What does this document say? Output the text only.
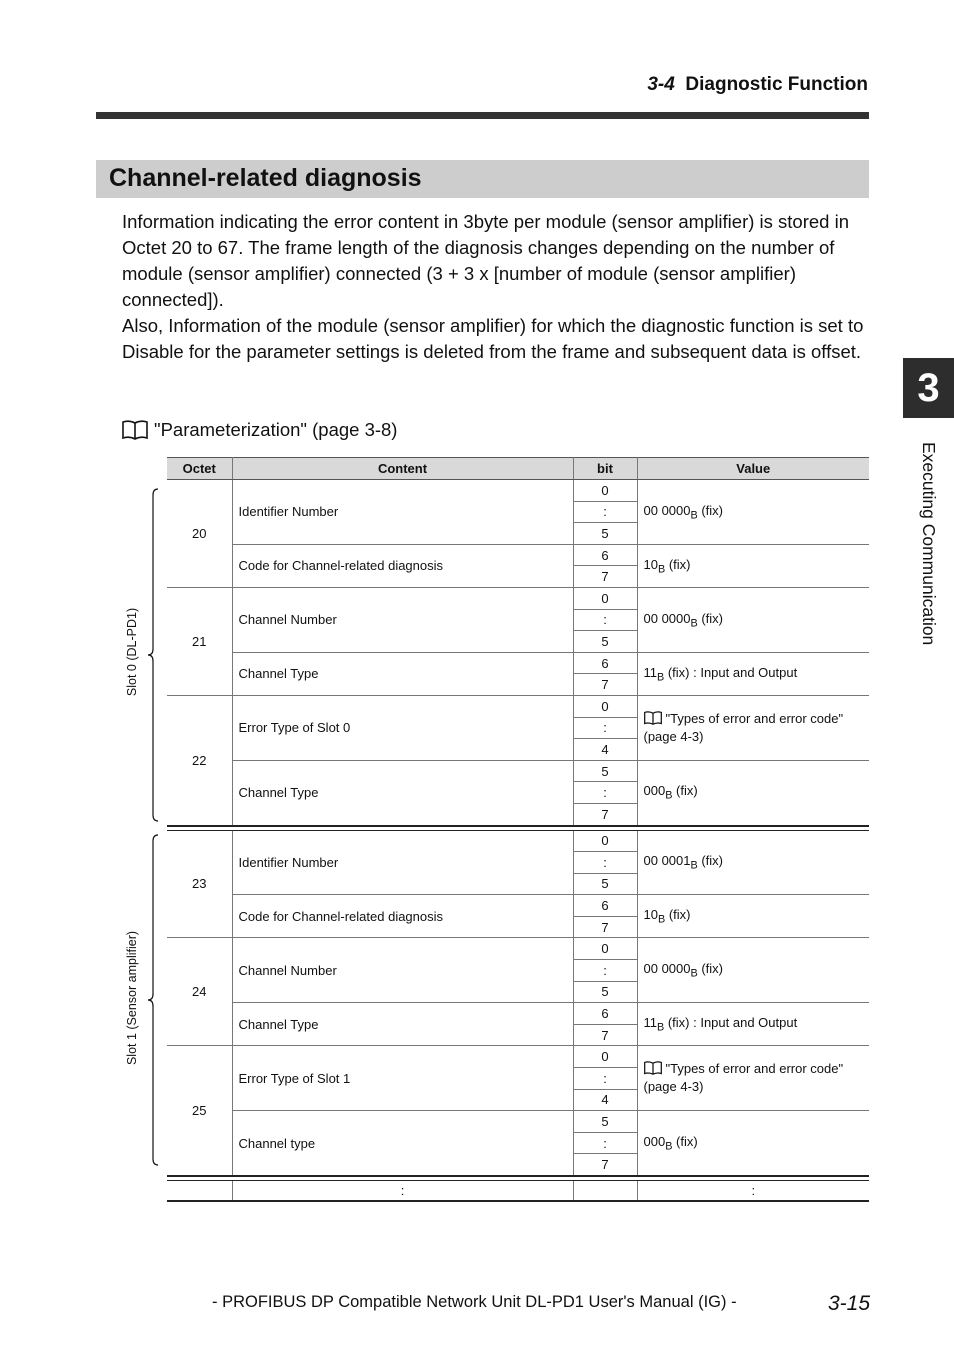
3-4 Diagnostic Function
Channel-related diagnosis

Information indicating the error content in 3byte per module (sensor amplifier) is stored in Octet 20 to 67. The frame length of the diagnosis changes depending on the number of module (sensor amplifier) connected (3 + 3 x [number of module (sensor amplifier) connected]).

Also, Information of the module (sensor amplifier) for which the diagnostic function is set to Disable for the parameter settings is deleted from the frame and subsequent data is offset.

"Parameterization" (page 3-8)
3
Executing Communication
Slot 0 (DL-PD1)
Slot 1 (Sensor amplifier)
Octet	Content	bit	Value
20	Identifier Number	0	00 $0000_B$ (fix)
		:	
		5	
	Code for Channel-related diagnosis	6	$10_B$ (fix)
		7	
21	Channel Number	0	00 $0000_B$ (fix)
		:	
		5	
	Channel Type	6	$11_B$ (fix) : Input and Output
		7	
22	Error Type of Slot 0	0	"Types of error and error code"
(page 4-3)
		:	
		4	
	Channel Type	5	$000_B$ (fix)
		:	
		7	

23	Identifier Number	0	00 $0001_B$ (fix)
		:	
		5	
	Code for Channel-related diagnosis	6	$10_B$ (fix)
		7	
24	Channel Number	0	00 $0000_B$ (fix)
		:	
		5	
	Channel Type	6	$11_B$ (fix) : Input and Output
		7	
25	Error Type of Slot 1	0	"Types of error and error code"
(page 4-3)
		:	
		4	
	Channel type	5	$000_B$ (fix)
		:	
		7	

	:		:

- PROFIBUS DP Compatible Network Unit DL-PD1 User's Manual (IG) -	3-15
